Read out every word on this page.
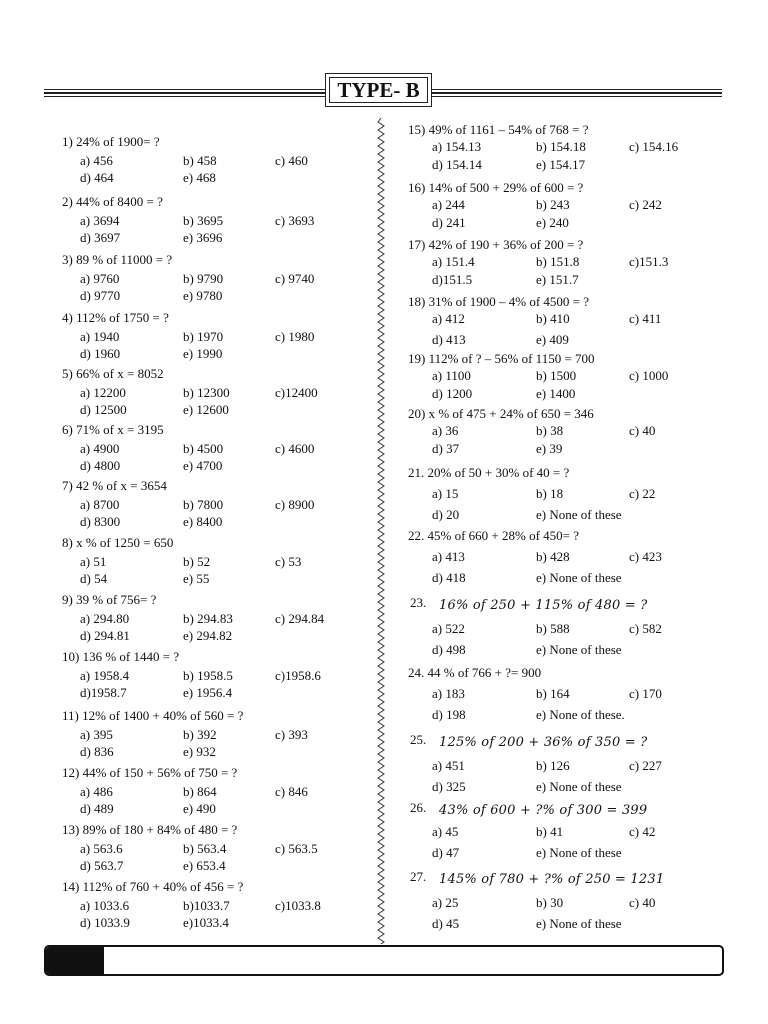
TYPE- B
1) 24% of 1900= ?
a) 456	b) 458	c) 460
d) 464	e) 468
2) 44% of 8400 = ?
a) 3694	b) 3695	c) 3693
d) 3697	e) 3696
3) 89 % of 11000 = ?
a) 9760	b) 9790	c) 9740
d) 9770	e) 9780
4) 112% of 1750 = ?
a) 1940	b) 1970	c) 1980
d) 1960	e) 1990
5) 66% of x = 8052
a) 12200	b) 12300	c)12400
d) 12500	e) 12600
6) 71% of x = 3195
a) 4900	b) 4500	c) 4600
d) 4800	e) 4700
7) 42 % of x = 3654
a) 8700	b) 7800	c) 8900
d) 8300	e) 8400
8) x % of 1250 = 650
a) 51	b) 52	c) 53
d) 54	e) 55
9) 39 % of 756= ?
a) 294.80	b) 294.83	c) 294.84
d) 294.81	e) 294.82
10) 136 % of 1440 = ?
a) 1958.4	b) 1958.5	c)1958.6
d)1958.7	e) 1956.4
11) 12% of 1400 + 40% of 560 = ?
a) 395	b) 392	c) 393
d) 836	e) 932
12) 44% of 150 + 56% of 750 = ?
a) 486	b) 864	c) 846
d) 489	e) 490
13) 89% of 180 + 84% of 480 = ?
a) 563.6	b) 563.4	c) 563.5
d) 563.7	e) 653.4
14) 112% of 760 + 40% of 456 = ?
a) 1033.6	b)1033.7	c)1033.8
d) 1033.9	e)1033.4
15) 49% of 1161 – 54% of 768 = ?
a) 154.13	b) 154.18	c) 154.16
d) 154.14	e) 154.17
16) 14% of 500 + 29% of 600 = ?
a) 244	b) 243	c) 242
d) 241	e) 240
17) 42% of 190 + 36% of 200 = ?
a) 151.4	b) 151.8	c)151.3
d)151.5	e) 151.7
18) 31% of 1900 – 4% of 4500 = ?
a) 412	b) 410	c) 411
d) 413	e) 409
19) 112% of ? – 56% of 1150 = 700
a) 1100	b) 1500	c) 1000
d) 1200	e) 1400
20) x % of 475 + 24% of 650 = 346
a) 36	b) 38	c) 40
d) 37	e) 39
21. 20% of 50 + 30% of 40 = ?
a) 15	b) 18	c) 22
d) 20	e) None of these
22. 45% of 660 + 28% of 450= ?
a) 413	b) 428	c) 423
d) 418	e) None of these
23. 16% of 250 + 115% of 480 = ?
a) 522	b) 588	c) 582
d) 498	e) None of these
24. 44 % of 766 + ?= 900
a) 183	b) 164	c) 170
d) 198	e) None of these.
25. 125% of 200 + 36% of 350 = ?
a) 451	b) 126	c) 227
d) 325	e) None of these
26. 43% of 600 + ?% of 300 = 399
a) 45	b) 41	c) 42
d) 47	e) None of these
27. 145% of 780 + ?% of 250 = 1231
a) 25	b) 30	c) 40
d) 45	e) None of these
